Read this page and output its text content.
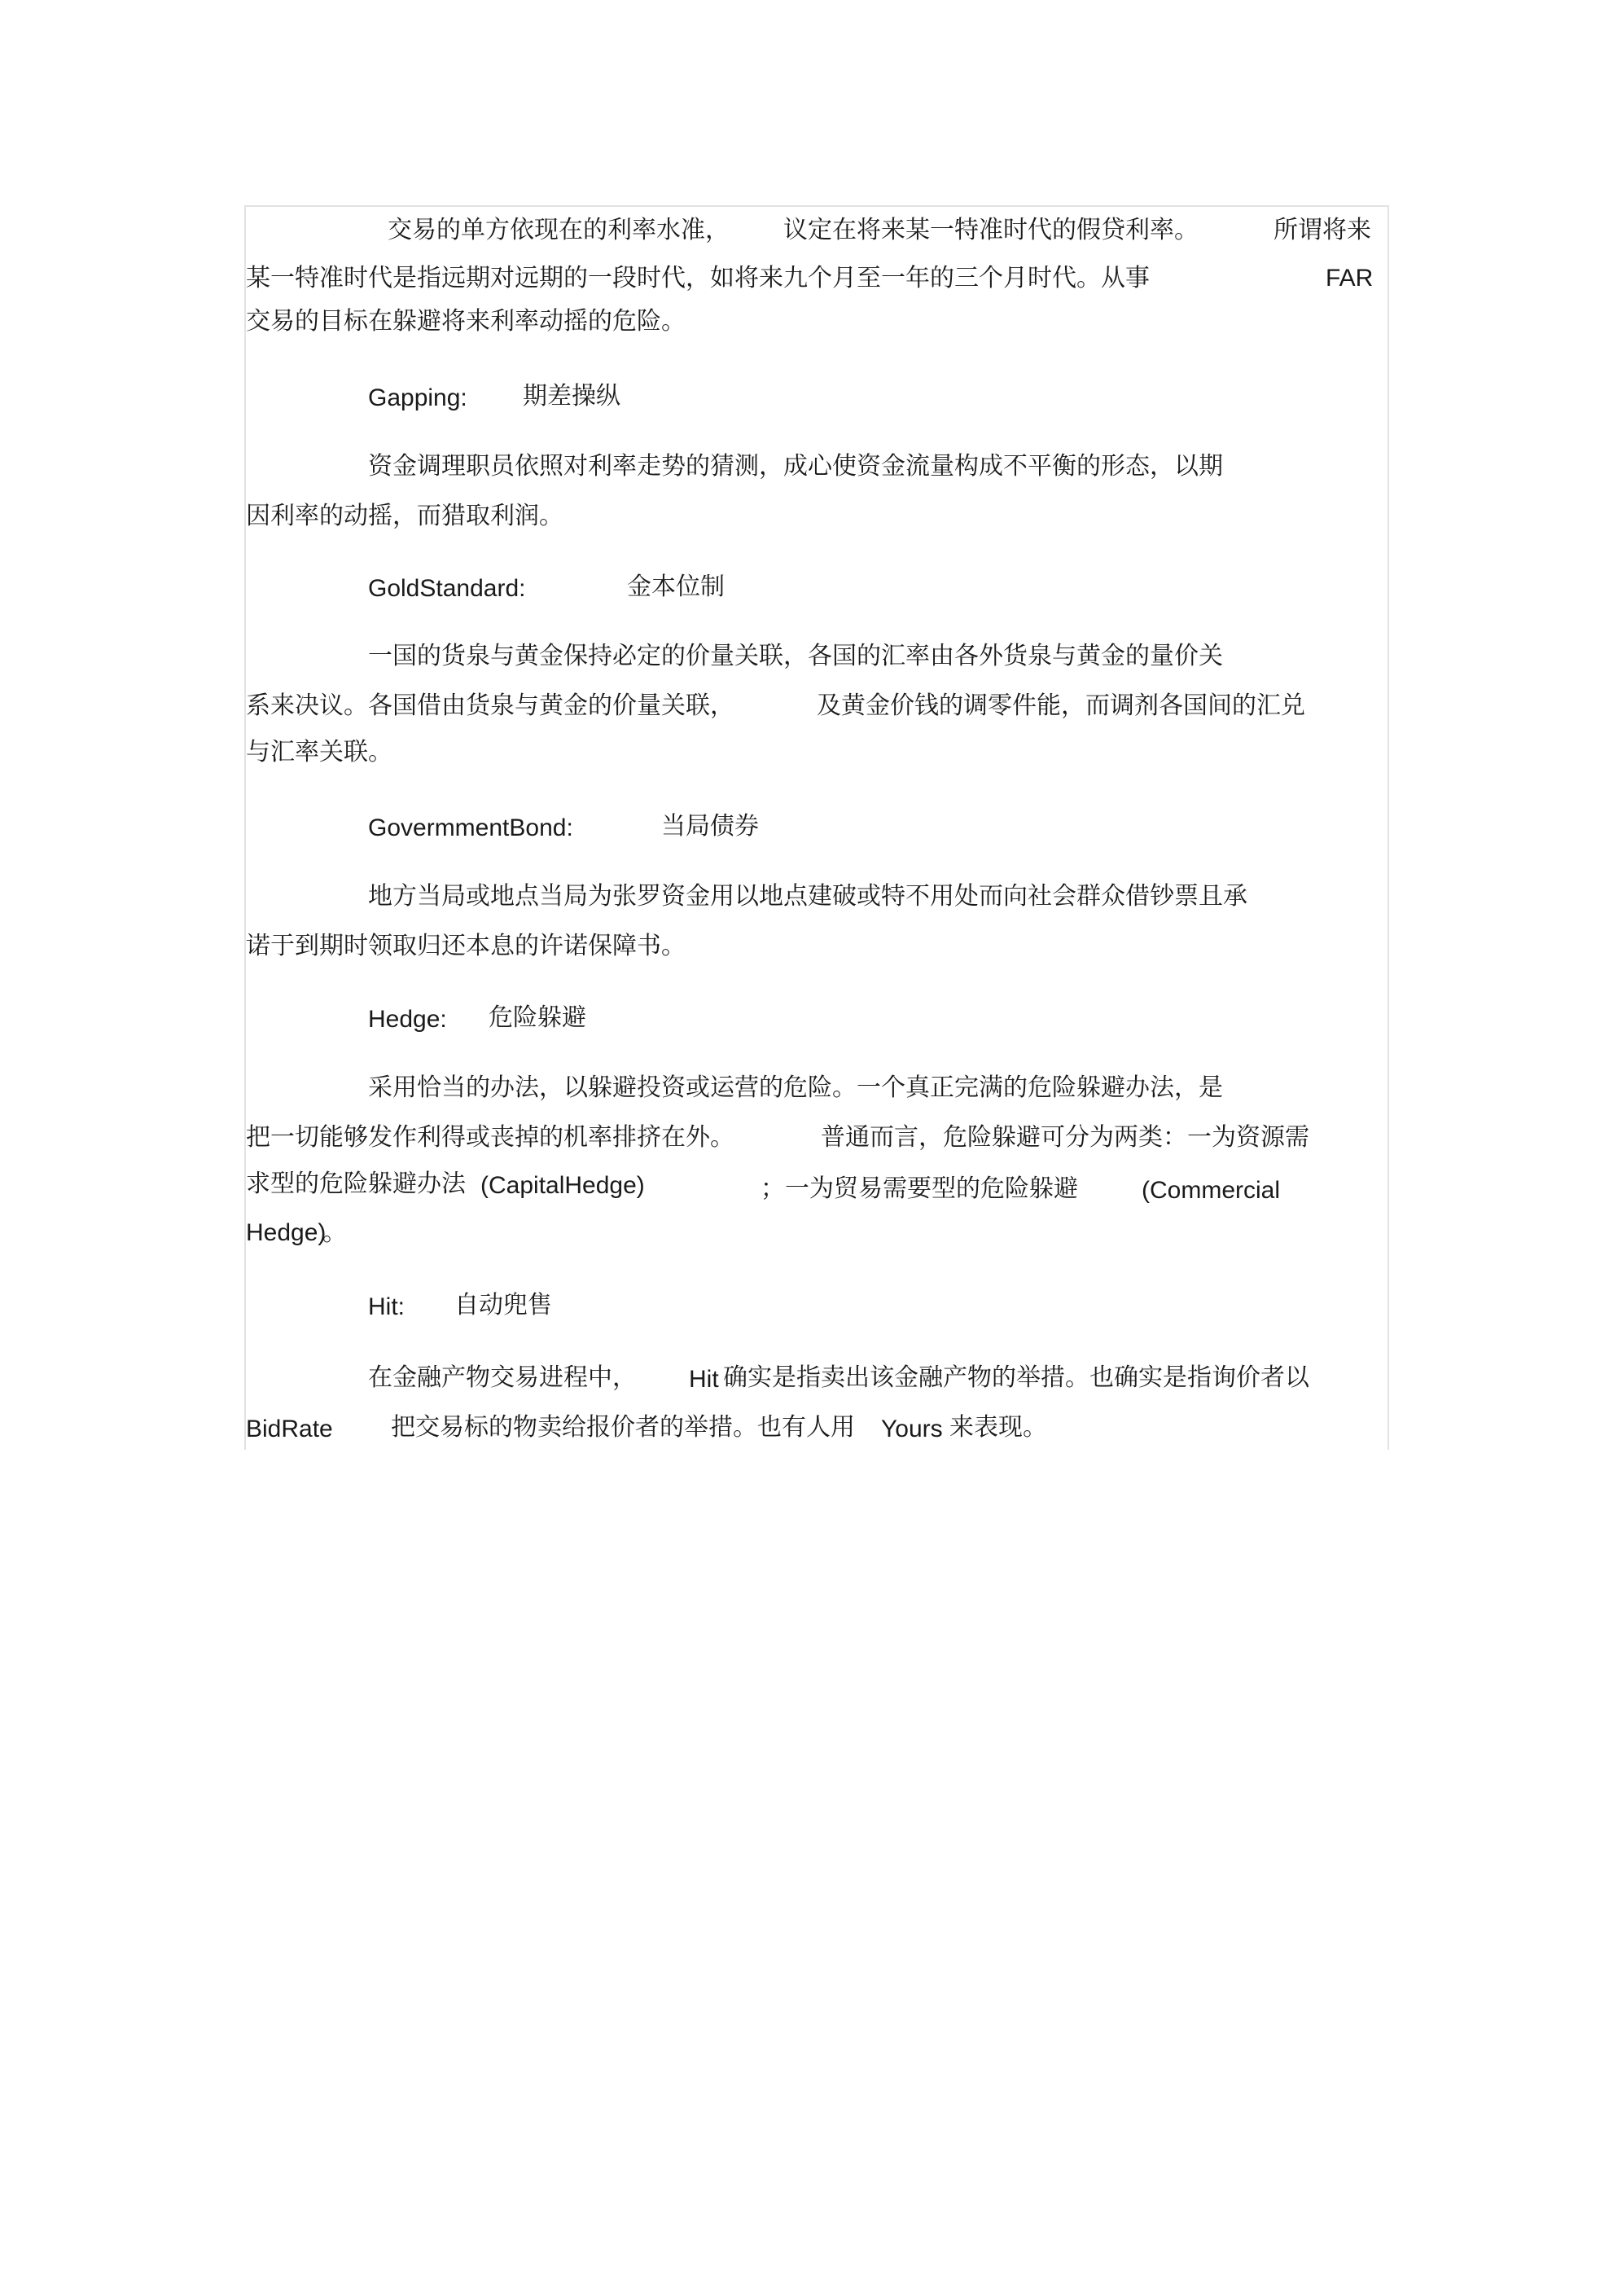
交易的单方依现在的利率水准， 议定在将来某一特准时代的假贷利率。	所谓将来
某一特准时代是指远期对远期的一段时代，如将来九个月至一年的三个月时代。从事	FAR
交易的目标在躲避将来利率动摇的危险。
Gapping: 期差操纵
资金调理职员依照对利率走势的猜测，成心使资金流量构成不平衡的形态，以期
因利率的动摇，而猎取利润。
GoldStandard:	金本位制
一国的货泉与黄金保持必定的价量关联，各国的汇率由各外货泉与黄金的量价关
系来决议。各国借由货泉与黄金的价量关联，	及黄金价钱的调零件能，而调剂各国间的汇兑
与汇率关联。
GovermmentBond:	当局债券
地方当局或地点当局为张罗资金用以地点建破或特不用处而向社会群众借钞票且承
诺于到期时领取归还本息的许诺保障书。
Hedge: 危险躲避
采用恰当的办法，以躲避投资或运营的危险。一个真正完满的危险躲避办法，是
把一切能够发作利得或丧掉的机率排挤在外。	普通而言，危险躲避可分为两类：一为资源需
求型的危险躲避办法 (CapitalHedge)	；一为贸易需要型的危险躲避	(Commercial
Hedge)
。
Hit: 自动兜售
在金融产物交易进程中， Hit 确实是指卖出该金融产物的举措。也确实是指询价者以
BidRate 把交易标的物卖给报价者的举措。也有人用 Yours 来表现。
